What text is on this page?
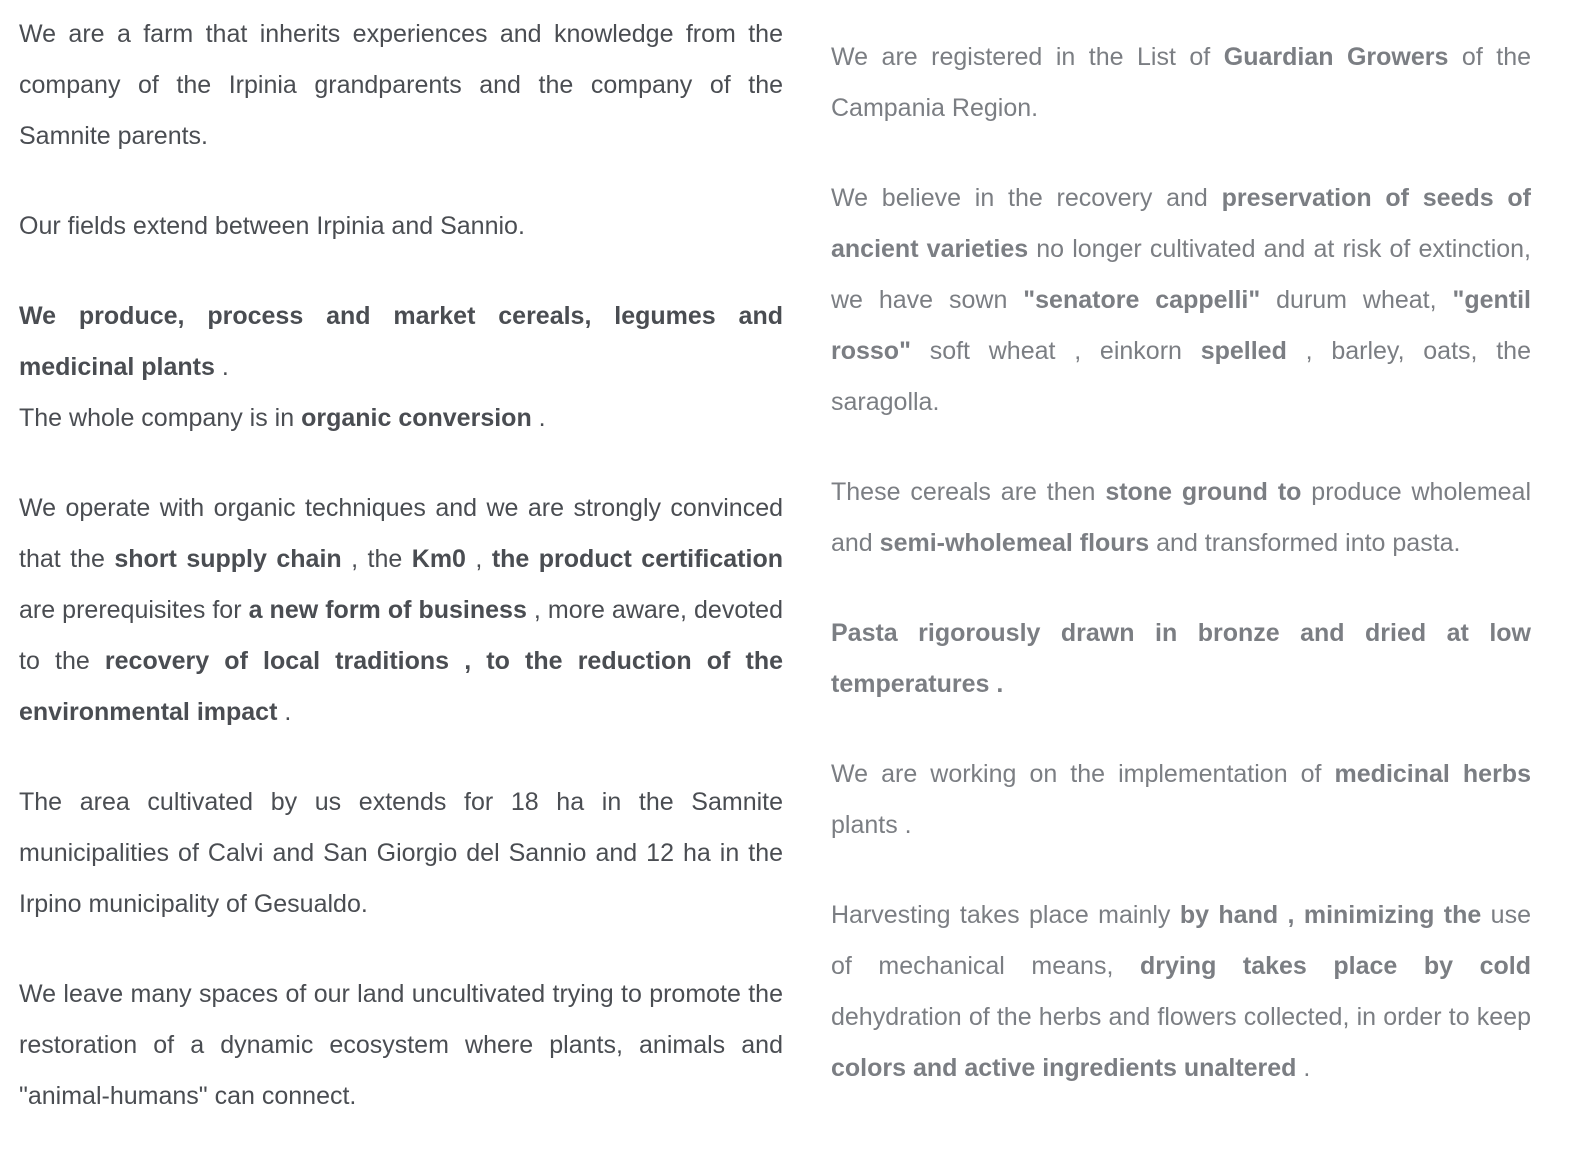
We are a farm that inherits experiences and knowledge from the company of the Irpinia grandparents and the company of the Samnite parents.

Our fields extend between Irpinia and Sannio.

We produce, process and market cereals, legumes and medicinal plants .

The whole company is in organic conversion .

We operate with organic techniques and we are strongly convinced that the short supply chain , the Km0 , the product certification are prerequisites for a new form of business , more aware, devoted to the recovery of local traditions , to the reduction of the environmental impact .

The area cultivated by us extends for 18 ha in the Samnite municipalities of Calvi and San Giorgio del Sannio and 12 ha in the Irpino municipality of Gesualdo.

We leave many spaces of our land uncultivated trying to promote the restoration of a dynamic ecosystem where plants, animals and "animal-humans" can connect.

We are registered in the List of Guardian Growers of the Campania Region.

We believe in the recovery and preservation of seeds of ancient varieties no longer cultivated and at risk of extinction, we have sown "senatore cappelli" durum wheat, "gentil rosso" soft wheat , einkorn spelled , barley, oats, the saragolla.

These cereals are then stone ground to produce wholemeal and semi-wholemeal flours and transformed into pasta.

Pasta rigorously drawn in bronze and dried at low temperatures .

We are working on the implementation of medicinal herbs plants .

Harvesting takes place mainly by hand , minimizing the use of mechanical means, drying takes place by cold dehydration of the herbs and flowers collected, in order to keep colors and active ingredients unaltered .
